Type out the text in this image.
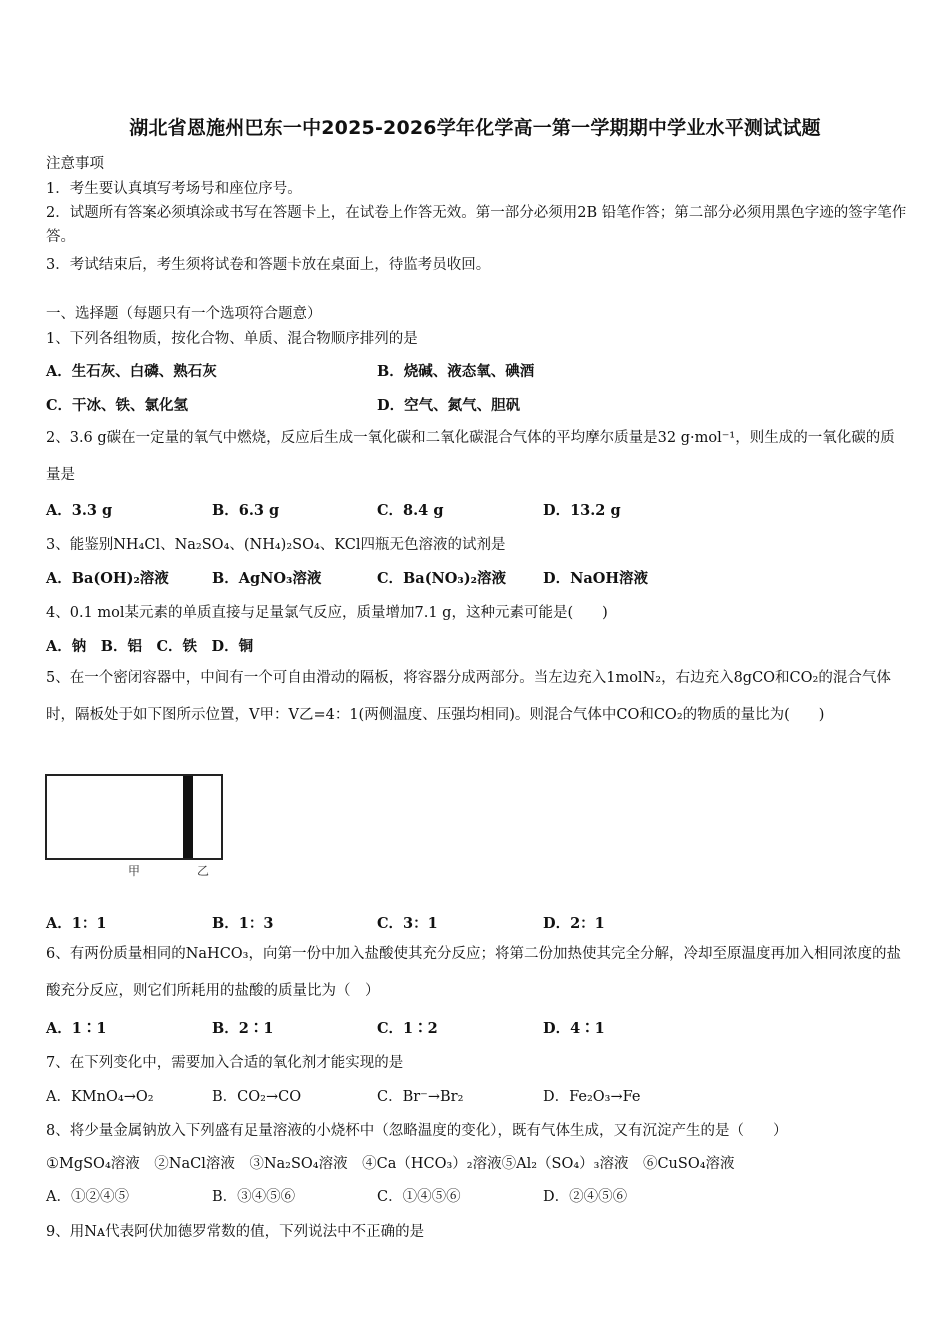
湖北省恩施州巴东一中2025-2026学年化学高一第一学期期中学业水平测试试题
注意事项
1．考生要认真填写考场号和座位序号。
2．试题所有答案必须填涂或书写在答题卡上，在试卷上作答无效。第一部分必须用2B 铅笔作答；第二部分必须用黑色字迹的签字笔作答。
3．考试结束后，考生须将试卷和答题卡放在桌面上，待监考员收回。
一、选择题（每题只有一个选项符合题意）
1、下列各组物质，按化合物、单质、混合物顺序排列的是
A．生石灰、白磷、熟石灰	B．烧碱、液态氧、碘酒
C．干冰、铁、氯化氢	D．空气、氮气、胆矾
2、3.6 g碳在一定量的氧气中燃烧，反应后生成一氧化碳和二氧化碳混合气体的平均摩尔质量是32 g·mol⁻¹，则生成的一氧化碳的质量是
A．3.3 g	B．6.3 g	C．8.4 g	D．13.2 g
3、能鉴别NH₄Cl、Na₂SO₄、(NH₄)₂SO₄、KCl四瓶无色溶液的试剂是
A．Ba(OH)₂溶液	B．AgNO₃溶液	C．Ba(NO₃)₂溶液	D．NaOH溶液
4、0.1 mol某元素的单质直接与足量氯气反应，质量增加7.1 g，这种元素可能是(　　)
A．钠　B．铝　C．铁　D．铜
5、在一个密闭容器中，中间有一个可自由滑动的隔板，将容器分成两部分。当左边充入1molN₂，右边充入8gCO和CO₂的混合气体时，隔板处于如下图所示位置，V甲：V乙=4：1(两侧温度、压强均相同)。则混合气体中CO和CO₂的物质的量比为(　　)
甲	乙
A．1：1	B．1：3	C．3：1	D．2：1
6、有两份质量相同的NaHCO₃，向第一份中加入盐酸使其充分反应；将第二份加热使其完全分解，冷却至原温度再加入相同浓度的盐酸充分反应，则它们所耗用的盐酸的质量比为（　）
A．1∶1	B．2∶1	C．1∶2	D．4∶1
7、在下列变化中，需要加入合适的氧化剂才能实现的是
A．KMnO₄→O₂	B．CO₂→CO	C．Br⁻→Br₂	D．Fe₂O₃→Fe
8、将少量金属钠放入下列盛有足量溶液的小烧杯中（忽略温度的变化），既有气体生成，又有沉淀产生的是（　　）
①MgSO₄溶液　②NaCl溶液　③Na₂SO₄溶液　④Ca（HCO₃）₂溶液⑤Al₂（SO₄）₃溶液　⑥CuSO₄溶液
A．①②④⑤	B．③④⑤⑥	C．①④⑤⑥	D．②④⑤⑥
9、用Nᴀ代表阿伏加德罗常数的值，下列说法中不正确的是
